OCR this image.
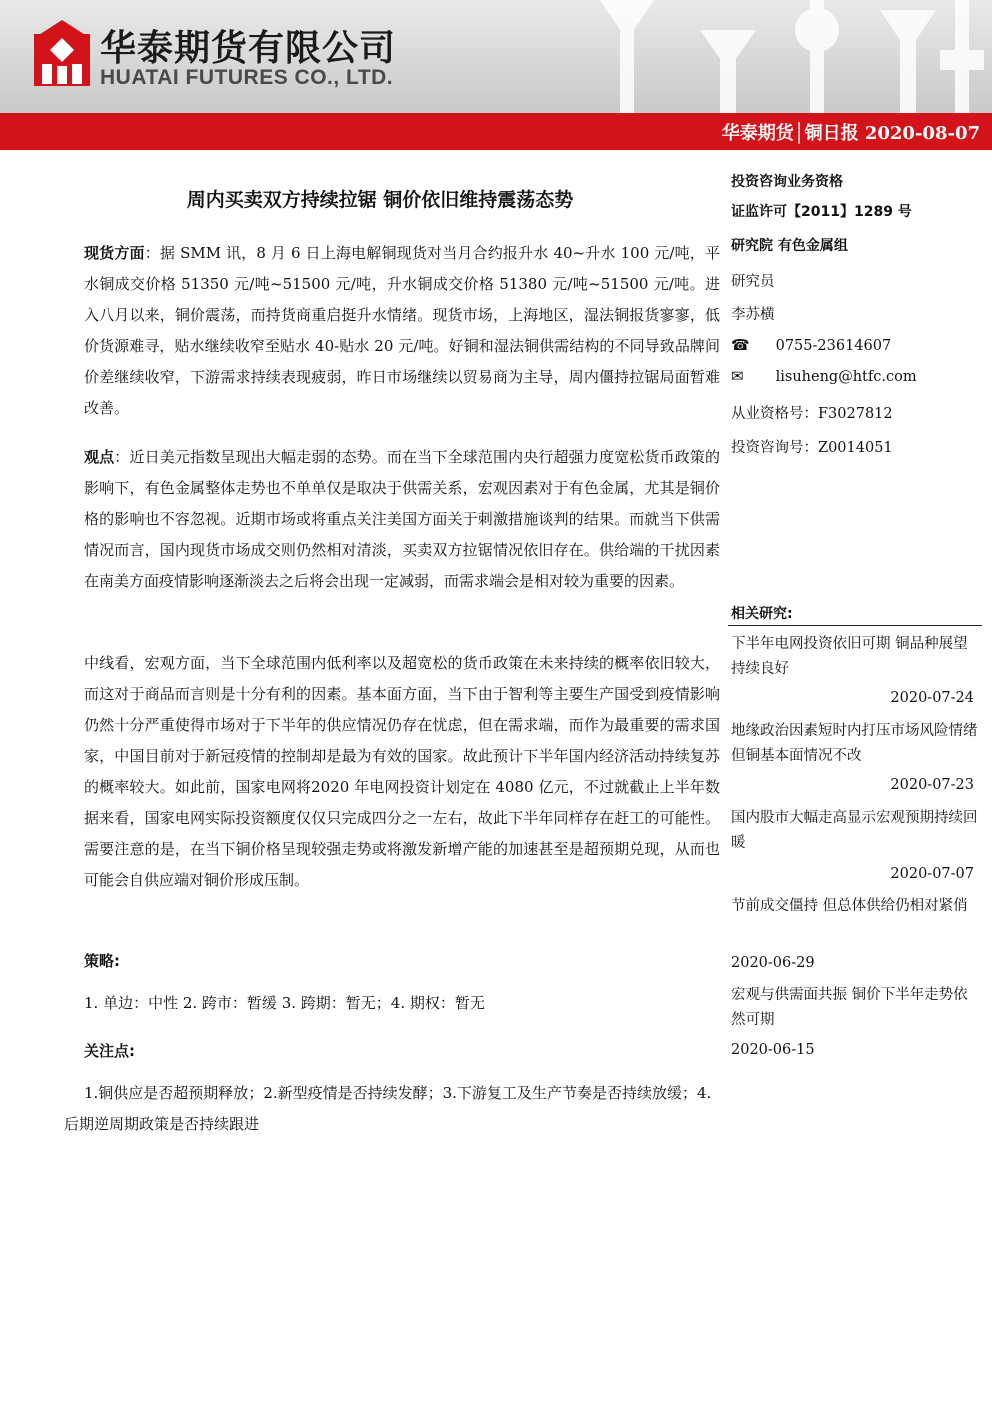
华泰期货有限公司
HUATAI FUTURES CO., LTD.
华泰期货│铜日报 2020-08-07
周内买卖双方持续拉锯 铜价依旧维持震荡态势
现货方面：据 SMM 讯，8 月 6 日上海电解铜现货对当月合约报升水 40~升水 100 元/吨，平水铜成交价格 51350 元/吨~51500 元/吨，升水铜成交价格 51380 元/吨~51500 元/吨。进入八月以来，铜价震荡，而持货商重启挺升水情绪。现货市场，上海地区，湿法铜报货寥寥，低价货源难寻，贴水继续收窄至贴水 40-贴水 20 元/吨。好铜和湿法铜供需结构的不同导致品牌间价差继续收窄，下游需求持续表现疲弱，昨日市场继续以贸易商为主导，周内僵持拉锯局面暂难改善。
观点：近日美元指数呈现出大幅走弱的态势。而在当下全球范围内央行超强力度宽松货币政策的影响下，有色金属整体走势也不单单仅是取决于供需关系，宏观因素对于有色金属，尤其是铜价格的影响也不容忽视。近期市场或将重点关注美国方面关于刺激措施谈判的结果。而就当下供需情况而言，国内现货市场成交则仍然相对清淡，买卖双方拉锯情况依旧存在。供给端的干扰因素在南美方面疫情影响逐渐淡去之后将会出现一定减弱，而需求端会是相对较为重要的因素。
中线看，宏观方面，当下全球范围内低利率以及超宽松的货币政策在未来持续的概率依旧较大，而这对于商品而言则是十分有利的因素。基本面方面，当下由于智利等主要生产国受到疫情影响仍然十分严重使得市场对于下半年的供应情况仍存在忧虑，但在需求端，而作为最重要的需求国家，中国目前对于新冠疫情的控制却是最为有效的国家。故此预计下半年国内经济活动持续复苏的概率较大。如此前，国家电网将2020 年电网投资计划定在 4080 亿元，不过就截止上半年数据来看，国家电网实际投资额度仅仅只完成四分之一左右，故此下半年同样存在赶工的可能性。需要注意的是，在当下铜价格呈现较强走势或将激发新增产能的加速甚至是超预期兑现，从而也可能会自供应端对铜价形成压制。
策略:
1. 单边：中性 2. 跨市：暂缓 3. 跨期：暂无；4. 期权：暂无
关注点:
1.铜供应是否超预期释放；2.新型疫情是否持续发酵；3.下游复工及生产节奏是否持续放缓；4. 后期逆周期政策是否持续跟进
投资咨询业务资格
证监许可【2011】1289 号
研究院 有色金属组
研究员
李苏横
☎ 0755-23614607
✉ lisuheng@htfc.com
从业资格号：F3027812
投资咨询号：Z0014051
相关研究:
下半年电网投资依旧可期 铜品种展望持续良好
2020-07-24
地缘政治因素短时内打压市场风险情绪 但铜基本面情况不改
2020-07-23
国内股市大幅走高显示宏观预期持续回暖
2020-07-07
节前成交僵持 但总体供给仍相对紧俏
2020-06-29
宏观与供需面共振 铜价下半年走势依然可期
2020-06-15
